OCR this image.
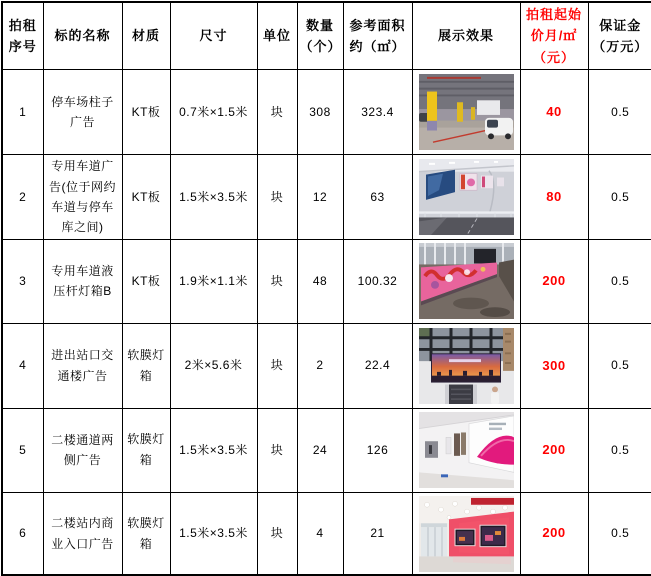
拍租序号	标的名称	材质	尺寸	单位	数量（个）	参考面积约（㎡）	展示效果	拍租起始价月/㎡（元）	保证金（万元）
1	停车场柱子广告	KT板	0.7米×1.5米	块	308	323.4		40	0.5
2	专用车道广告(位于网约车道与停车库之间)	KT板	1.5米×3.5米	块	12	63		80	0.5
3	专用车道液压杆灯箱B	KT板	1.9米×1.1米	块	48	100.32		200	0.5
4	进出站口交通楼广告	软膜灯箱	2米×5.6米	块	2	22.4		300	0.5
5	二楼通道两侧广告	软膜灯箱	1.5米×3.5米	块	24	126		200	0.5
6	二楼站内商业入口广告	软膜灯箱	1.5米×3.5米	块	4	21		200	0.5
